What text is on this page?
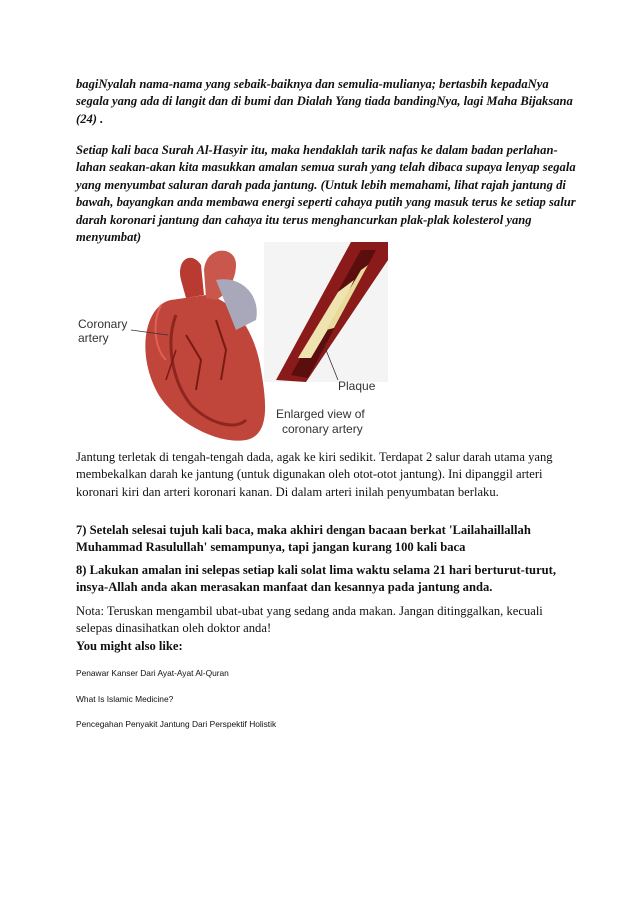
bagiNyalah nama-nama yang sebaik-baiknya dan semulia-mulianya; bertasbih kepadaNya segala yang ada di langit dan di bumi dan Dialah Yang tiada bandingNya, lagi Maha Bijaksana (24) .
Setiap kali baca Surah Al-Hasyir itu, maka hendaklah tarik nafas ke dalam badan perlahan-lahan seakan-akan kita masukkan amalan semua surah yang telah dibaca supaya lenyap segala yang menyumbat saluran darah pada jantung. (Untuk lebih memahami, lihat rajah jantung di bawah, bayangkan anda membawa energi seperti cahaya putih yang masuk terus ke setiap salur darah koronari jantung dan cahaya itu terus menghancurkan plak-plak kolesterol yang menyumbat)
Coronary
artery
Plaque
Enlarged view of
coronary artery
Jantung terletak di tengah-tengah dada, agak ke kiri sedikit. Terdapat 2 salur darah utama yang membekalkan darah ke jantung (untuk digunakan oleh otot-otot jantung). Ini dipanggil arteri koronari kiri dan arteri koronari kanan. Di dalam arteri inilah penyumbatan berlaku.
7) Setelah selesai tujuh kali baca, maka akhiri dengan bacaan berkat 'Lailahaillallah Muhammad Rasulullah' semampunya, tapi jangan kurang 100 kali baca
8) Lakukan amalan ini selepas setiap kali solat lima waktu selama 21 hari berturut-turut, insya-Allah anda akan merasakan manfaat dan kesannya pada jantung anda.
Nota: Teruskan mengambil ubat-ubat yang sedang anda makan. Jangan ditinggalkan, kecuali selepas dinasihatkan oleh doktor anda!
You might also like:
Penawar Kanser Dari Ayat-Ayat Al-Quran
What Is Islamic Medicine?
Pencegahan Penyakit Jantung Dari Perspektif Holistik
